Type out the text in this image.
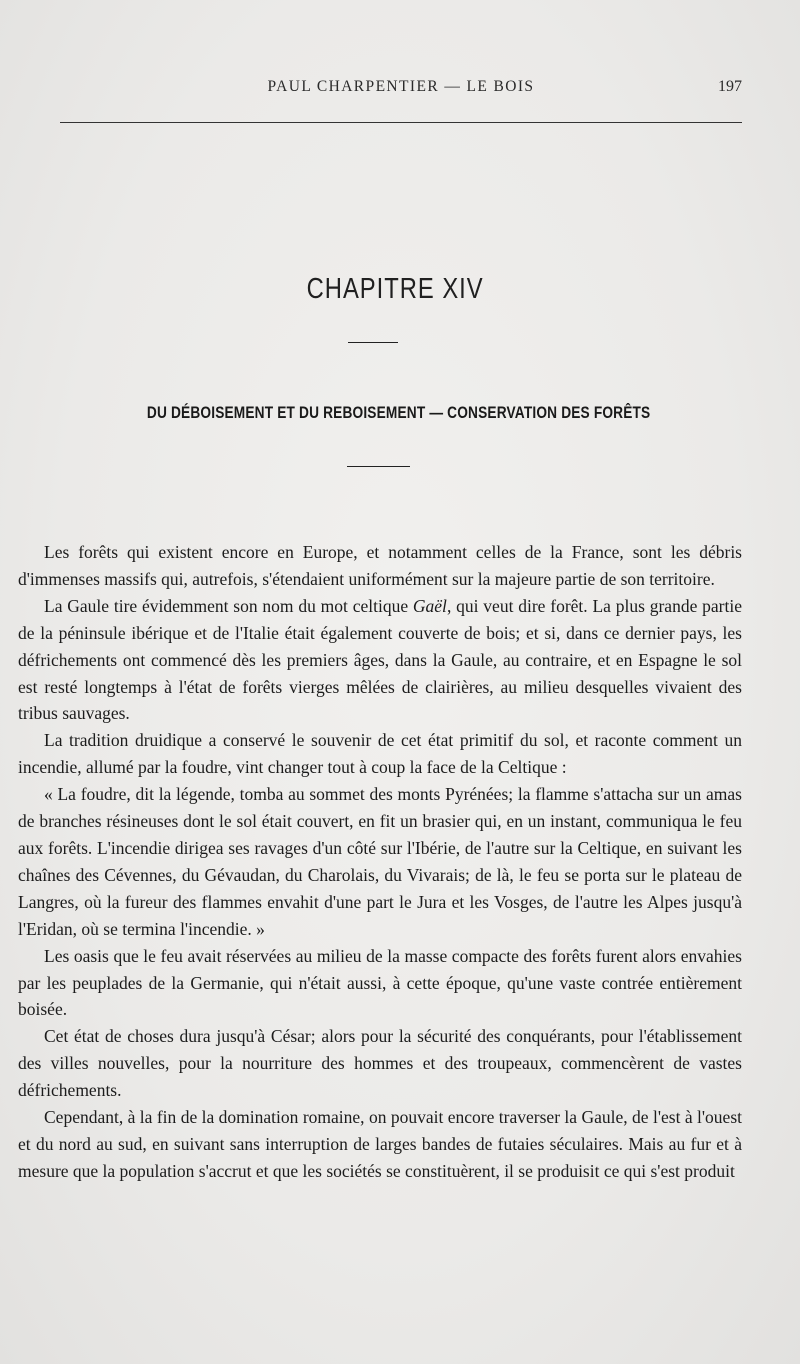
PAUL CHARPENTIER — LE BOIS	197
CHAPITRE XIV
DU DÉBOISEMENT ET DU REBOISEMENT — CONSERVATION DES FORÊTS

Les forêts qui existent encore en Europe, et notamment celles de la France, sont les débris d'immenses massifs qui, autrefois, s'étendaient uniformément sur la majeure partie de son territoire.

La Gaule tire évidemment son nom du mot celtique Gaël, qui veut dire forêt. La plus grande partie de la péninsule ibérique et de l'Italie était également couverte de bois; et si, dans ce dernier pays, les défrichements ont commencé dès les premiers âges, dans la Gaule, au contraire, et en Espagne le sol est resté longtemps à l'état de forêts vierges mêlées de clairières, au milieu desquelles vivaient des tribus sauvages.

La tradition druidique a conservé le souvenir de cet état primitif du sol, et raconte comment un incendie, allumé par la foudre, vint changer tout à coup la face de la Celtique :

« La foudre, dit la légende, tomba au sommet des monts Pyrénées; la flamme s'attacha sur un amas de branches résineuses dont le sol était couvert, en fit un brasier qui, en un instant, communiqua le feu aux forêts. L'incendie dirigea ses ravages d'un côté sur l'Ibérie, de l'autre sur la Celtique, en suivant les chaînes des Cévennes, du Gévaudan, du Charolais, du Vivarais; de là, le feu se porta sur le plateau de Langres, où la fureur des flammes envahit d'une part le Jura et les Vosges, de l'autre les Alpes jusqu'à l'Eridan, où se termina l'incendie. »

Les oasis que le feu avait réservées au milieu de la masse compacte des forêts furent alors envahies par les peuplades de la Germanie, qui n'était aussi, à cette époque, qu'une vaste contrée entièrement boisée.

Cet état de choses dura jusqu'à César; alors pour la sécurité des conquérants, pour l'établissement des villes nouvelles, pour la nourriture des hommes et des troupeaux, commencèrent de vastes défrichements.

Cependant, à la fin de la domination romaine, on pouvait encore traverser la Gaule, de l'est à l'ouest et du nord au sud, en suivant sans interruption de larges bandes de futaies séculaires. Mais au fur et à mesure que la population s'accrut et que les sociétés se constituèrent, il se produisit ce qui s'est produit
